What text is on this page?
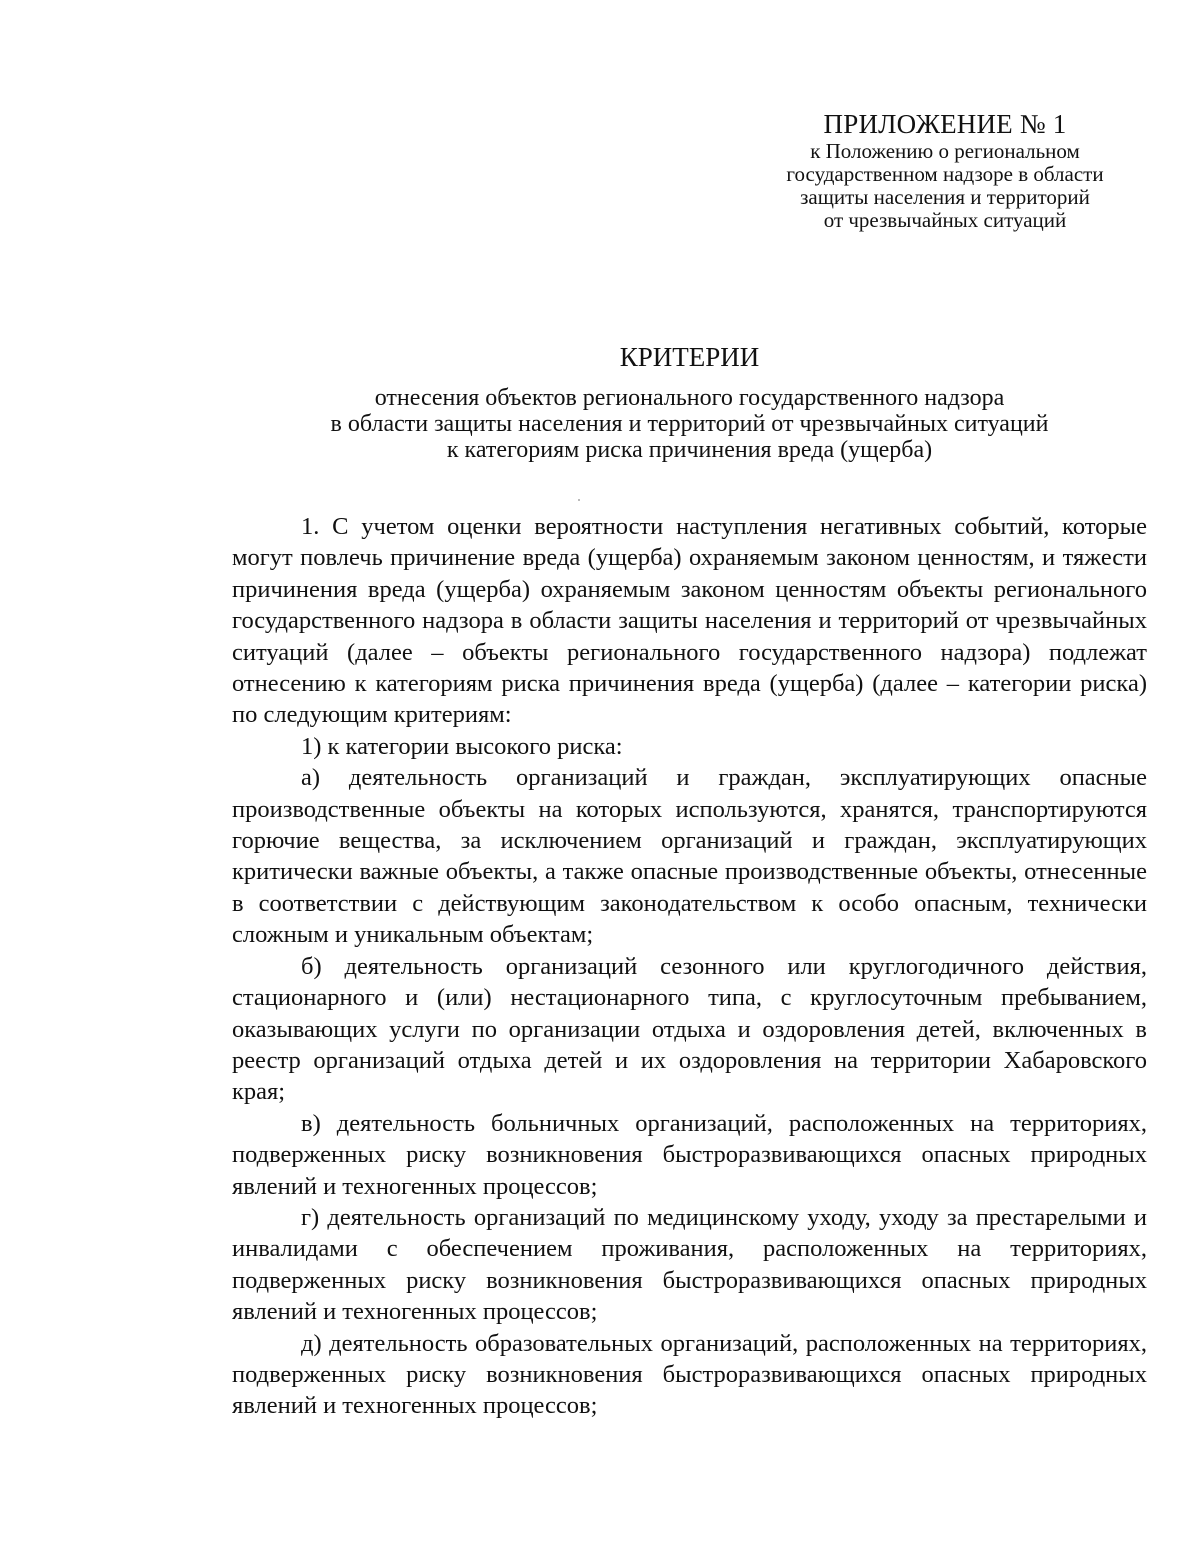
ПРИЛОЖЕНИЕ № 1
к Положению о региональном
государственном надзоре в области
защиты населения и территорий
от чрезвычайных ситуаций
КРИТЕРИИ
отнесения объектов регионального государственного надзора
в области защиты населения и территорий от чрезвычайных ситуаций
к категориям риска причинения вреда (ущерба)

1. С учетом оценки вероятности наступления негативных событий, которые могут повлечь причинение вреда (ущерба) охраняемым законом ценностям, и тяжести причинения вреда (ущерба) охраняемым законом ценностям объекты регионального государственного надзора в области защиты населения и территорий от чрезвычайных ситуаций (далее – объекты регионального государственного надзора) подлежат отнесению к категориям риска причинения вреда (ущерба) (далее – категории риска) по следующим критериям:

1) к категории высокого риска:

а) деятельность организаций и граждан, эксплуатирующих опасные производственные объекты на которых используются, хранятся, транспортируются горючие вещества, за исключением организаций и граждан, эксплуатирующих критически важные объекты, а также опасные производственные объекты, отнесенные в соответствии с действующим законодательством к особо опасным, технически сложным и уникальным объектам;

б) деятельность организаций сезонного или круглогодичного действия, стационарного и (или) нестационарного типа, с круглосуточным пребыванием, оказывающих услуги по организации отдыха и оздоровления детей, включенных в реестр организаций отдыха детей и их оздоровления на территории Хабаровского края;

в) деятельность больничных организаций, расположенных на территориях, подверженных риску возникновения быстроразвивающихся опасных природных явлений и техногенных процессов;

г) деятельность организаций по медицинскому уходу, уходу за престарелыми и инвалидами с обеспечением проживания, расположенных на территориях, подверженных риску возникновения быстроразвивающихся опасных природных явлений и техногенных процессов;

д) деятельность образовательных организаций, расположенных на территориях, подверженных риску возникновения быстроразвивающихся опасных природных явлений и техногенных процессов;
